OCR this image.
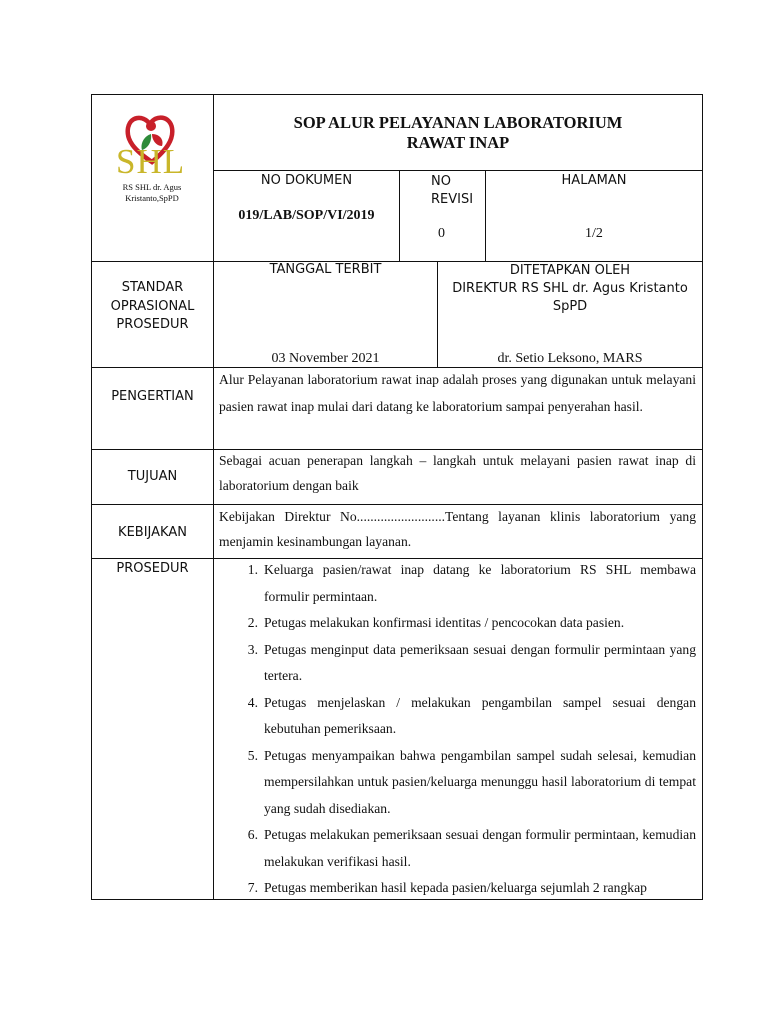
SHL
RS SHL dr. Agus Kristanto,SpPD
SOP ALUR PELAYANAN LABORATORIUM
RAWAT INAP
NO DOKUMEN
019/LAB/SOP/VI/2019
NO
REVISI
0
HALAMAN
1/2
STANDAR
OPRASIONAL
PROSEDUR
TANGGAL TERBIT
03 November 2021
DITETAPKAN OLEH
DIREKTUR RS SHL dr. Agus Kristanto
SpPD
dr. Setio Leksono, MARS
PENGERTIAN
Alur Pelayanan laboratorium rawat inap adalah proses yang digunakan untuk melayani pasien rawat inap mulai dari datang ke laboratorium sampai penyerahan hasil.
TUJUAN
Sebagai acuan penerapan langkah – langkah untuk melayani pasien rawat inap di laboratorium dengan baik
KEBIJAKAN
Kebijakan Direktur No..........................Tentang layanan klinis laboratorium yang menjamin kesinambungan layanan.
PROSEDUR	1. Keluarga pasien/rawat inap datang ke laboratorium RS SHL membawa formulir permintaan.
2. Petugas melakukan konfirmasi identitas / pencocokan data pasien.
3. Petugas menginput data pemeriksaan sesuai dengan formulir permintaan yang tertera.
4. Petugas menjelaskan / melakukan pengambilan sampel sesuai dengan kebutuhan pemeriksaan.
5. Petugas menyampaikan bahwa pengambilan sampel sudah selesai, kemudian mempersilahkan untuk pasien/keluarga menunggu hasil laboratorium di tempat yang sudah disediakan.
6. Petugas melakukan pemeriksaan sesuai dengan formulir permintaan, kemudian melakukan verifikasi hasil.
7. Petugas memberikan hasil kepada pasien/keluarga sejumlah 2 rangkap
